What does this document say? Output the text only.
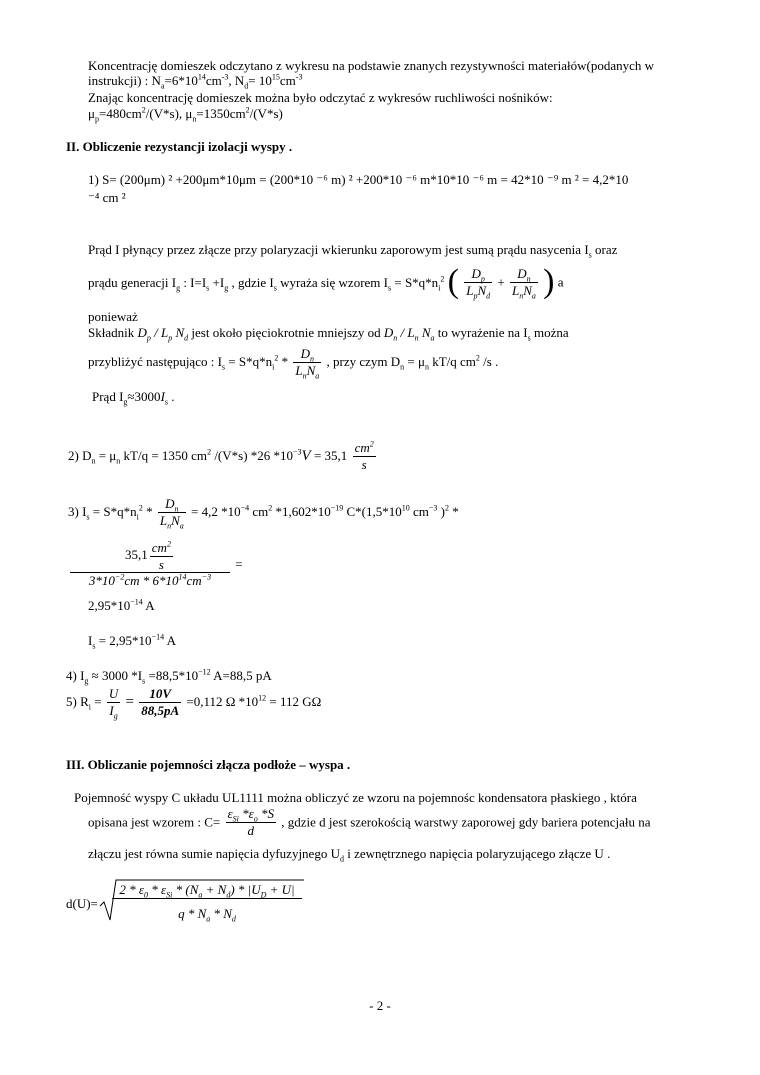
Koncentrację domieszek odczytano z wykresu na podstawie znanych rezystywności materiałów(podanych w
instrukcji) : $N_a=6*10^{14}cm^{-3}$, $N_d= 10^{15}cm^{-3}$
Znając koncentrację domieszek można było odczytać z wykresów ruchliwości nośników:
$\mu_p=480cm^2/(V*s)$, $\mu_n=1350cm^2/(V*s)$
II. Obliczenie rezystancji izolacji wyspy .
1) S= (200μm) ² +200μm*10μm = (200*10 ⁻⁶ m) ² +200*10 ⁻⁶ m*10*10 ⁻⁶ m = 42*10 ⁻⁹ m ² = 4,2*10
⁻⁴ cm ²
Prąd I płynący przez złącze przy polaryzacji wkierunku zaporowym jest sumą prądu nasycenia $I_s$ oraz
prądu generacji $I_g$ : $I=I_s +I_g$ , gdzie $I_s$ wyraża się wzorem $I_s = S*q*n_i^2$ ( $\frac{D_p}{L_pN_d} + \frac{D_n}{L_nN_a}$ ) a
ponieważ
Składnik $D_p / L_p$ $N_d$ jest około pięciokrotnie mniejszy od $D_n / L_n$ $N_a$ to wyrażenie na $I_s$ można
przybliżyć następująco : $I_s = S*q*n_i^2 * \frac{D_n}{L_nN_a}$ , przy czym $D_n = \mu_n$ kT/q $cm^2$ /s .
Prąd $I_g\approx 3000I_s$ .
2) $D_n = \mu_n$ kT/q = 1350 $cm^2$ /(V*s) *26 $*10^{-3}V = 35,1 \frac{cm^2}{s}$
3) $I_s = S*q*n_i^2 * \frac{D_n}{L_nN_a} = 4,2$ $*10^{-4}$ $cm^2$ $*1,602*10^{-19}$ $C*(1,5*10^{10}$ $cm^{-3}$ )$^2$ *
$\frac{35,1 \frac{cm^2}{s}}{3*10^{-2}cm * 6*10^{14}cm^{-3}}$ =
$2,95*10^{-14}$ A
$I_s = 2,95*10^{-14}$ A
4) $I_g \approx 3000$ $*I_s =88,5*10^{-12}$ A=88,5 pA
5) $R_i = \frac{U}{I_g} = \frac{10V}{88,5pA} =0,112$ Ω $*10^{12} = 112$ GΩ
III. Obliczanie pojemności złącza podłoże – wyspa .
Pojemność wyspy C układu UL1111 można obliczyć ze wzoru na pojemnośc kondensatora płaskiego , która
opisana jest wzorem : $C= \frac{\varepsilon_{Si} *\varepsilon_o *S}{d}$ , gdzie d jest szerokością warstwy zaporowej gdy bariera potencjału na
złączu jest równa sumie napięcia dyfuzyjnego $U_d$ i zewnętrznego napięcia polaryzującego złącze U .
d(U)=
$2 * \varepsilon_0 * \varepsilon_{Si} * (N_a + N_d) * |U_D + U|$
q * $N_a * N_d$
- 2 -
